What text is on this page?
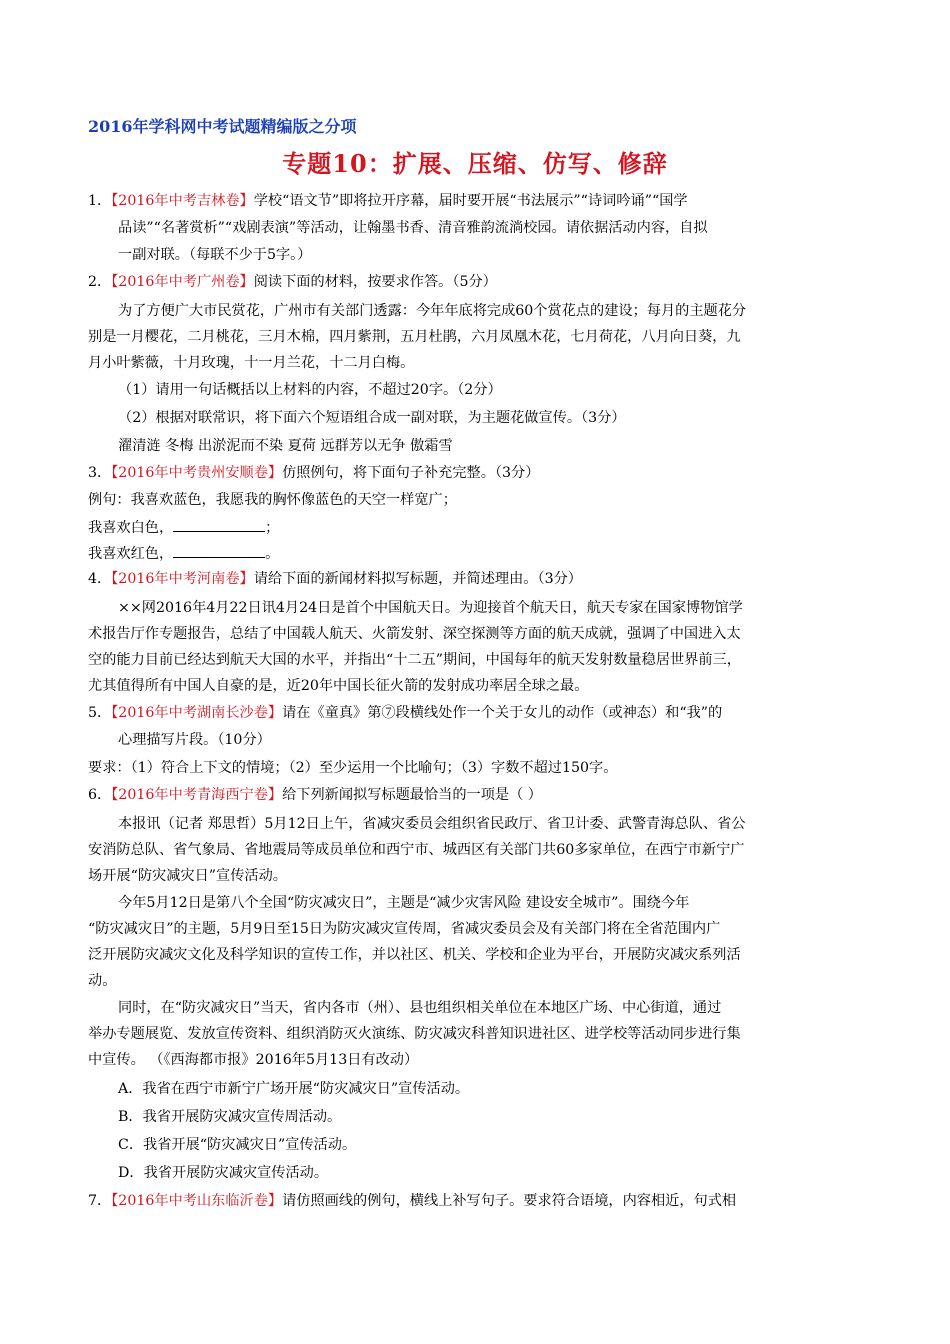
2016年学科网中考试题精编版之分项
专题10：扩展、压缩、仿写、修辞
1．【2016年中考吉林卷】学校“语文节”即将拉开序幕，届时要开展“书法展示”“诗词吟诵”“国学
品读”“名著赏析”“戏剧表演”等活动，让翰墨书香、清音雅韵流淌校园。请依据活动内容，自拟
一副对联。（每联不少于5字。）
2．【2016年中考广州卷】阅读下面的材料，按要求作答。（5分）
为了方便广大市民赏花，广州市有关部门透露：今年年底将完成60个赏花点的建设；每月的主题花分
别是一月樱花，二月桃花，三月木棉，四月紫荆，五月杜鹃，六月凤凰木花，七月荷花，八月向日葵，九
月小叶紫薇，十月玫瑰，十一月兰花，十二月白梅。
（1）请用一句话概括以上材料的内容，不超过20字。（2分）
（2）根据对联常识，将下面六个短语组合成一副对联，为主题花做宣传。（3分）
濯清涟 冬梅 出淤泥而不染 夏荷 远群芳以无争 傲霜雪
3．【2016年中考贵州安顺卷】仿照例句，将下面句子补充完整。（3分）
例句：我喜欢蓝色，我愿我的胸怀像蓝色的天空一样宽广；
我喜欢白色，	；
我喜欢红色，	。
4．【2016年中考河南卷】请给下面的新闻材料拟写标题，并简述理由。（3分）
××网2016年4月22日讯4月24日是首个中国航天日。为迎接首个航天日，航天专家在国家博物馆学
术报告厅作专题报告，总结了中国载人航天、火箭发射、深空探测等方面的航天成就，强调了中国进入太
空的能力目前已经达到航天大国的水平，并指出“十二五”期间，中国每年的航天发射数量稳居世界前三，
尤其值得所有中国人自豪的是，近20年中国长征火箭的发射成功率居全球之最。
5．【2016年中考湖南长沙卷】请在《童真》第⑦段横线处作一个关于女儿的动作（或神态）和“我”的
心理描写片段。（10分）
要求：（1）符合上下文的情境；（2）至少运用一个比喻句；（3）字数不超过150字。
6．【2016年中考青海西宁卷】给下列新闻拟写标题最恰当的一项是（ ）
本报讯（记者 郑思哲）5月12日上午，省减灾委员会组织省民政厅、省卫计委、武警青海总队、省公
安消防总队、省气象局、省地震局等成员单位和西宁市、城西区有关部门共60多家单位，在西宁市新宁广
场开展“防灾减灾日”宣传活动。
今年5月12日是第八个全国“防灾减灾日”，主题是“减少灾害风险 建设安全城市”。围绕今年
“防灾减灾日”的主题，5月9日至15日为防灾减灾宣传周，省减灾委员会及有关部门将在全省范围内广
泛开展防灾减灾文化及科学知识的宣传工作，并以社区、机关、学校和企业为平台，开展防灾减灾系列活
动。
同时，在“防灾减灾日”当天，省内各市（州）、县也组织相关单位在本地区广场、中心街道，通过
举办专题展览、发放宣传资料、组织消防灭火演练、防灾减灾科普知识进社区、进学校等活动同步进行集
中宣传。 （《西海都市报》2016年5月13日有改动）
A．我省在西宁市新宁广场开展“防灾减灾日”宣传活动。
B．我省开展防灾减灾宣传周活动。
C．我省开展“防灾减灾日”宣传活动。
D．我省开展防灾减灾宣传活动。
7．【2016年中考山东临沂卷】请仿照画线的例句，横线上补写句子。要求符合语境，内容相近，句式相
